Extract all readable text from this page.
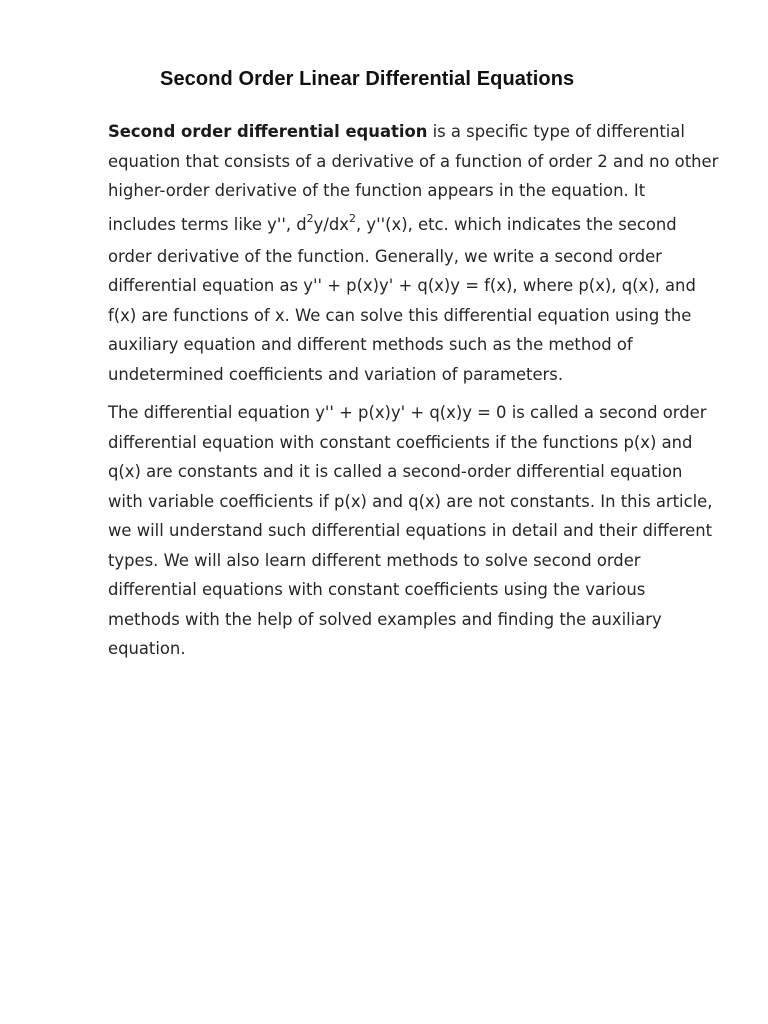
Second Order Linear Differential Equations
Second order differential equation is a specific type of differential
equation that consists of a derivative of a function of order 2 and no other
higher-order derivative of the function appears in the equation. It
includes terms like y'', $d^2y/dx^2$, y''(x), etc. which indicates the second
order derivative of the function. Generally, we write a second order
differential equation as y'' + p(x)y' + q(x)y = f(x), where p(x), q(x), and
f(x) are functions of x. We can solve this differential equation using the
auxiliary equation and different methods such as the method of
undetermined coefficients and variation of parameters.
The differential equation y'' + p(x)y' + q(x)y = 0 is called a second order
differential equation with constant coefficients if the functions p(x) and
q(x) are constants and it is called a second-order differential equation
with variable coefficients if p(x) and q(x) are not constants. In this article,
we will understand such differential equations in detail and their different
types. We will also learn different methods to solve second order
differential equations with constant coefficients using the various
methods with the help of solved examples and finding the auxiliary
equation.
